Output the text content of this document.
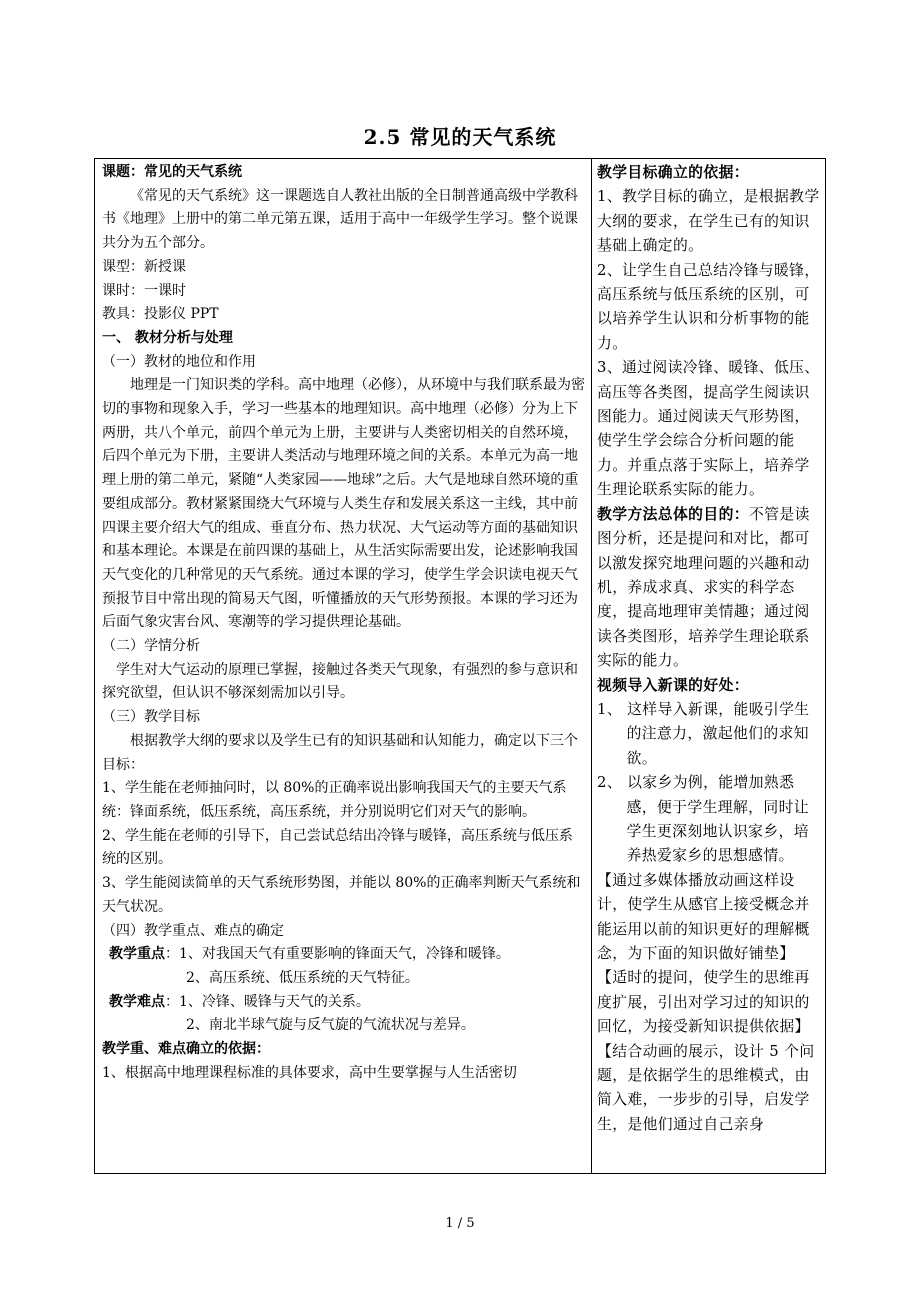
2.5 常见的天气系统

课题：常见的天气系统

《常见的天气系统》这一课题选自人教社出版的全日制普通高级中学教科书《地理》上册中的第二单元第五课，适用于高中一年级学生学习。整个说课共分为五个部分。

课型：新授课

课时：一课时

教具：投影仪 PPT

一、 教材分析与处理

（一）教材的地位和作用

地理是一门知识类的学科。高中地理（必修），从环境中与我们联系最为密切的事物和现象入手，学习一些基本的地理知识。高中地理（必修）分为上下两册，共八个单元，前四个单元为上册，主要讲与人类密切相关的自然环境，后四个单元为下册，主要讲人类活动与地理环境之间的关系。本单元为高一地理上册的第二单元，紧随“人类家园——地球”之后。大气是地球自然环境的重要组成部分。教材紧紧围绕大气环境与人类生存和发展关系这一主线，其中前四课主要介绍大气的组成、垂直分布、热力状况、大气运动等方面的基础知识和基本理论。本课是在前四课的基础上，从生活实际需要出发，论述影响我国天气变化的几种常见的天气系统。通过本课的学习，使学生学会识读电视天气预报节目中常出现的简易天气图，听懂播放的天气形势预报。本课的学习还为后面气象灾害台风、寒潮等的学习提供理论基础。

（二）学情分析

学生对大气运动的原理已掌握，接触过各类天气现象，有强烈的参与意识和探究欲望，但认识不够深刻需加以引导。

（三）教学目标

根据教学大纲的要求以及学生已有的知识基础和认知能力，确定以下三个目标：

1、学生能在老师抽问时，以 80%的正确率说出影响我国天气的主要天气系统：锋面系统，低压系统，高压系统，并分别说明它们对天气的影响。

2、学生能在老师的引导下，自己尝试总结出冷锋与暖锋，高压系统与低压系统的区别。

3、学生能阅读简单的天气系统形势图，并能以 80%的正确率判断天气系统和天气状况。

（四）教学重点、难点的确定

教学重点：1、对我国天气有重要影响的锋面天气，冷锋和暖锋。

2、高压系统、低压系统的天气特征。

教学难点：1、冷锋、暖锋与天气的关系。

2、南北半球气旋与反气旋的气流状况与差异。

教学重、难点确立的依据：

1、根据高中地理课程标准的具体要求，高中生要掌握与人生活密切

教学目标确立的依据：

1、教学目标的确立，是根据教学大纲的要求，在学生已有的知识基础上确定的。

2、让学生自己总结冷锋与暖锋，高压系统与低压系统的区别，可以培养学生认识和分析事物的能力。

3、通过阅读冷锋、暖锋、低压、高压等各类图，提高学生阅读识图能力。通过阅读天气形势图，使学生学会综合分析问题的能力。并重点落于实际上，培养学生理论联系实际的能力。

教学方法总体的目的：不管是读图分析，还是提问和对比，都可以激发探究地理问题的兴趣和动机，养成求真、求实的科学态度，提高地理审美情趣；通过阅读各类图形，培养学生理论联系实际的能力。

视频导入新课的好处：

1、 这样导入新课，能吸引学生的注意力，激起他们的求知欲。

2、 以家乡为例，能增加熟悉感，便于学生理解，同时让学生更深刻地认识家乡，培养热爱家乡的思想感情。

【通过多媒体播放动画这样设计，使学生从感官上接受概念并能运用以前的知识更好的理解概念，为下面的知识做好铺垫】

【适时的提问，使学生的思维再度扩展，引出对学习过的知识的回忆，为接受新知识提供依据】

【结合动画的展示，设计 5 个问题，是依据学生的思维模式，由简入难，一步步的引导，启发学生，是他们通过自己亲身

1 / 5
